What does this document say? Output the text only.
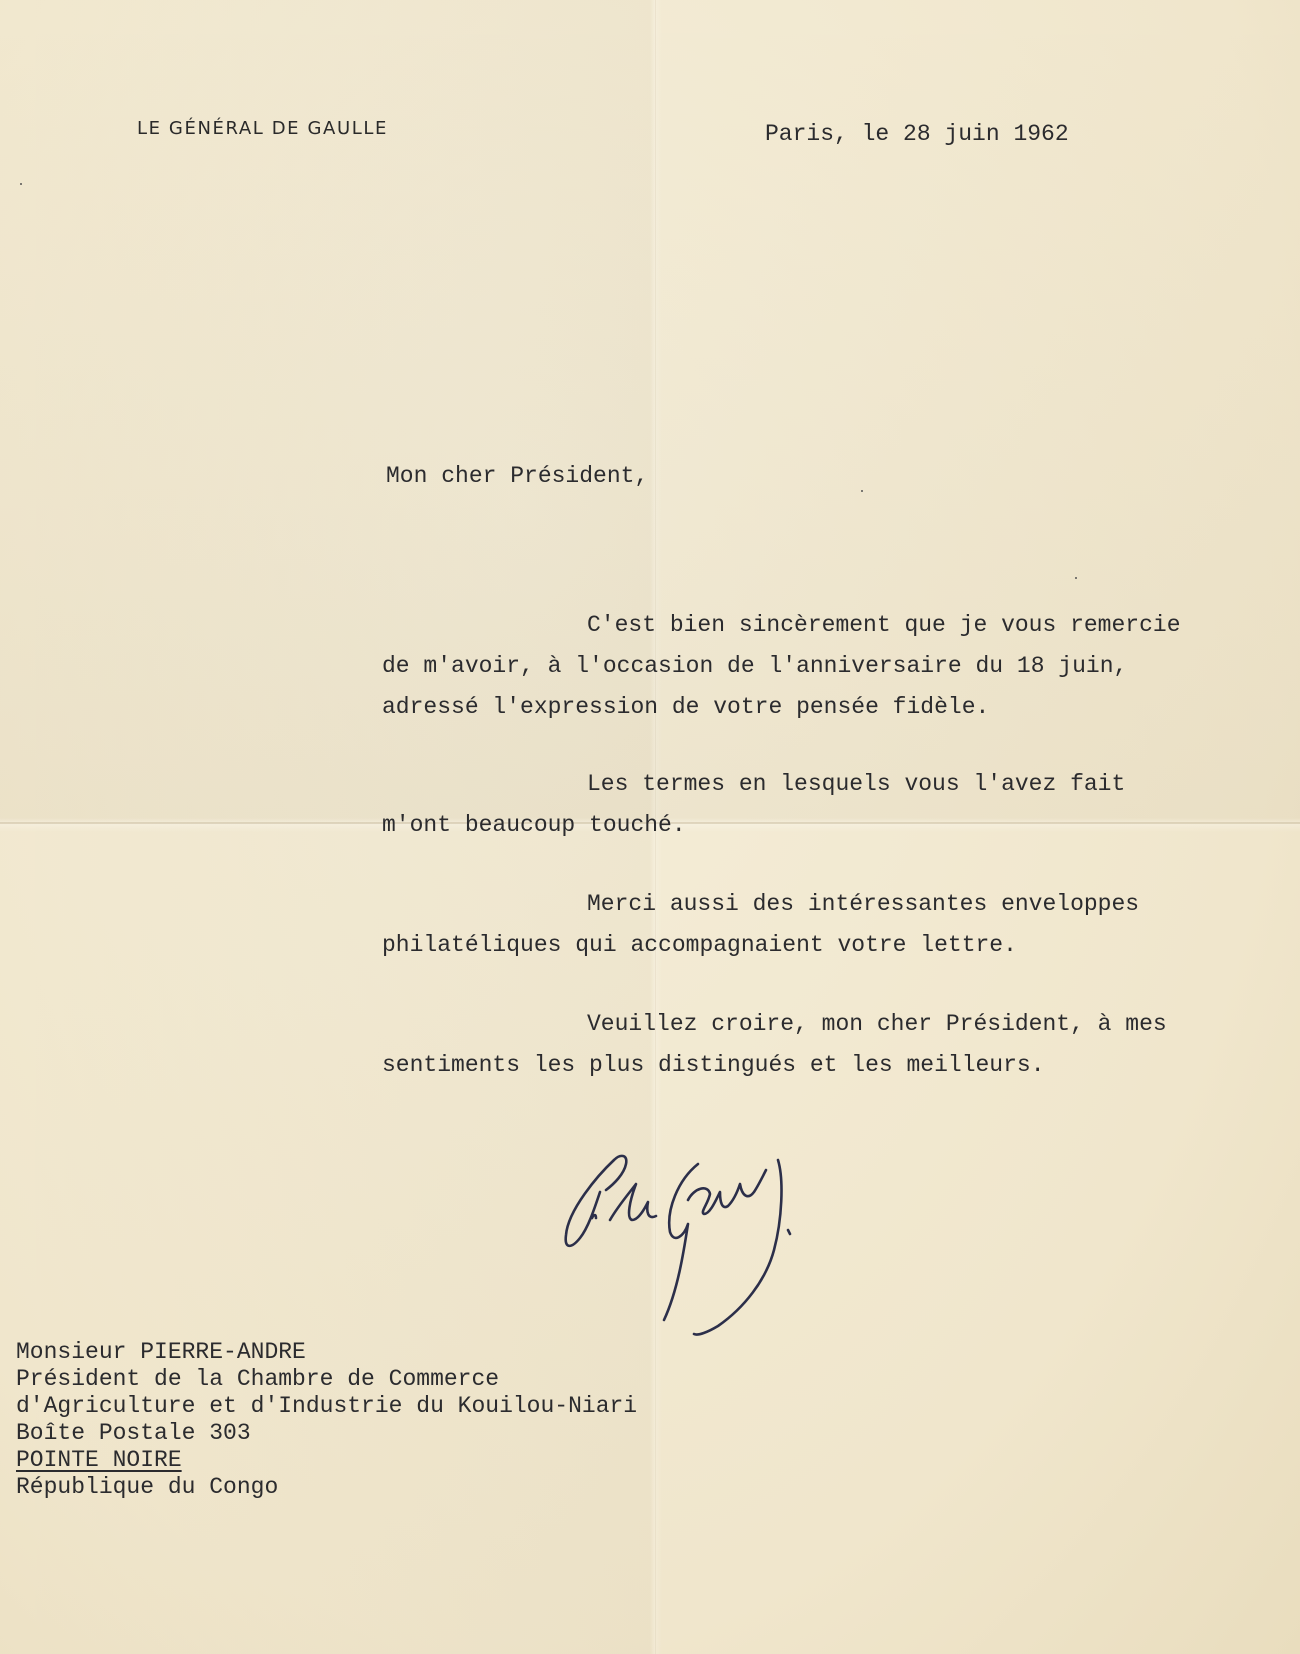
LE GÉNÉRAL DE GAULLE	Paris, le 28 juin 1962
Mon cher Président,
C'est bien sincèrement que je vous remercie
de m'avoir, à l'occasion de l'anniversaire du 18 juin,
adressé l'expression de votre pensée fidèle.
Les termes en lesquels vous l'avez fait
m'ont beaucoup touché.
Merci aussi des intéressantes enveloppes
philatéliques qui accompagnaient votre lettre.
Veuillez croire, mon cher Président, à mes
sentiments les plus distingués et les meilleurs.
Monsieur PIERRE-ANDRE
Président de la Chambre de Commerce
d'Agriculture et d'Industrie du Kouilou-Niari
Boîte Postale 303
POINTE NOIRE
République du Congo
